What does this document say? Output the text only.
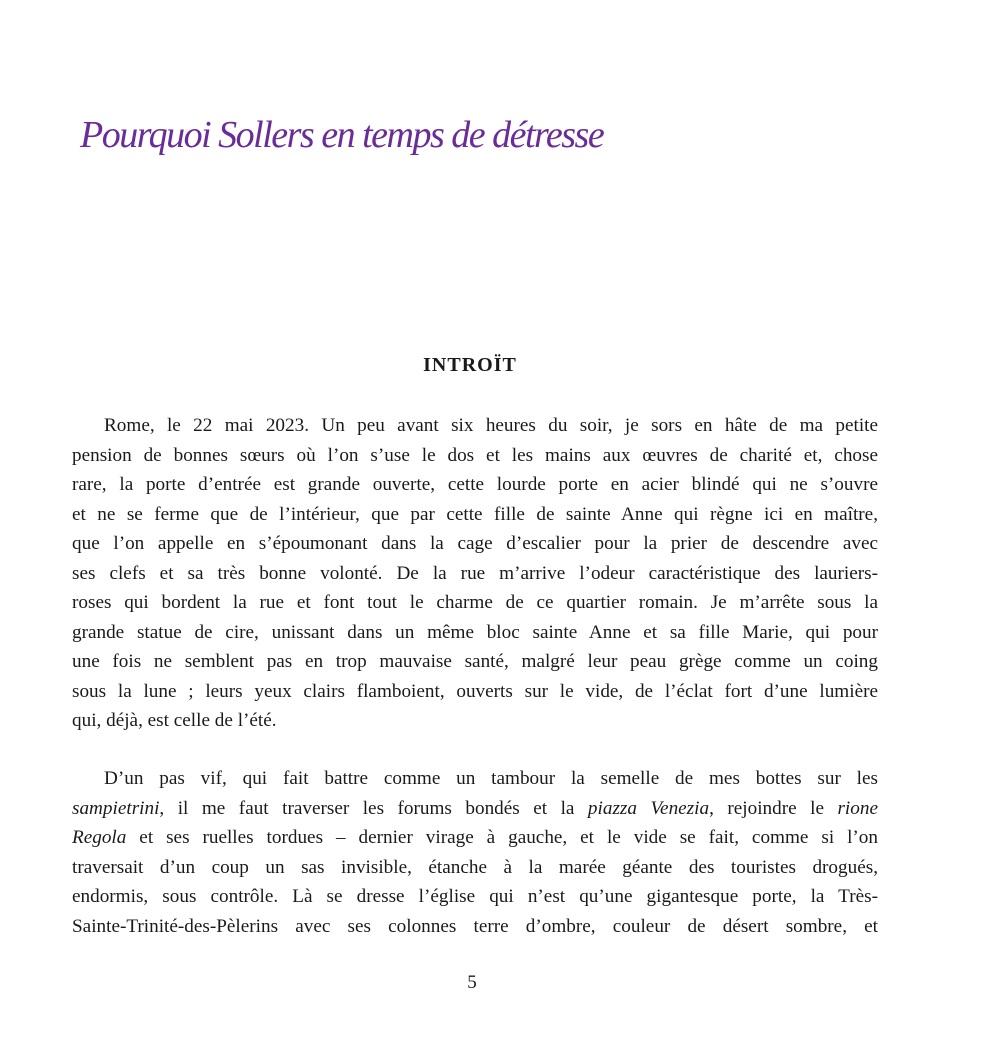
Pourquoi Sollers en temps de détresse
INTROÏT
Rome, le 22 mai 2023. Un peu avant six heures du soir, je sors en hâte de ma petite
pension de bonnes sœurs où l’on s’use le dos et les mains aux œuvres de charité et, chose
rare, la porte d’entrée est grande ouverte, cette lourde porte en acier blindé qui ne s’ouvre
et ne se ferme que de l’intérieur, que par cette fille de sainte Anne qui règne ici en maître,
que l’on appelle en s’époumonant dans la cage d’escalier pour la prier de descendre avec
ses clefs et sa très bonne volonté. De la rue m’arrive l’odeur caractéristique des lauriers-
roses qui bordent la rue et font tout le charme de ce quartier romain. Je m’arrête sous la
grande statue de cire, unissant dans un même bloc sainte Anne et sa fille Marie, qui pour
une fois ne semblent pas en trop mauvaise santé, malgré leur peau grège comme un coing
sous la lune ; leurs yeux clairs flamboient, ouverts sur le vide, de l’éclat fort d’une lumière
qui, déjà, est celle de l’été.
D’un pas vif, qui fait battre comme un tambour la semelle de mes bottes sur les
sampietrini, il me faut traverser les forums bondés et la piazza Venezia, rejoindre le rione
Regola et ses ruelles tordues – dernier virage à gauche, et le vide se fait, comme si l’on
traversait d’un coup un sas invisible, étanche à la marée géante des touristes drogués,
endormis, sous contrôle. Là se dresse l’église qui n’est qu’une gigantesque porte, la Très-
Sainte-Trinité-des-Pèlerins avec ses colonnes terre d’ombre, couleur de désert sombre, et
5
